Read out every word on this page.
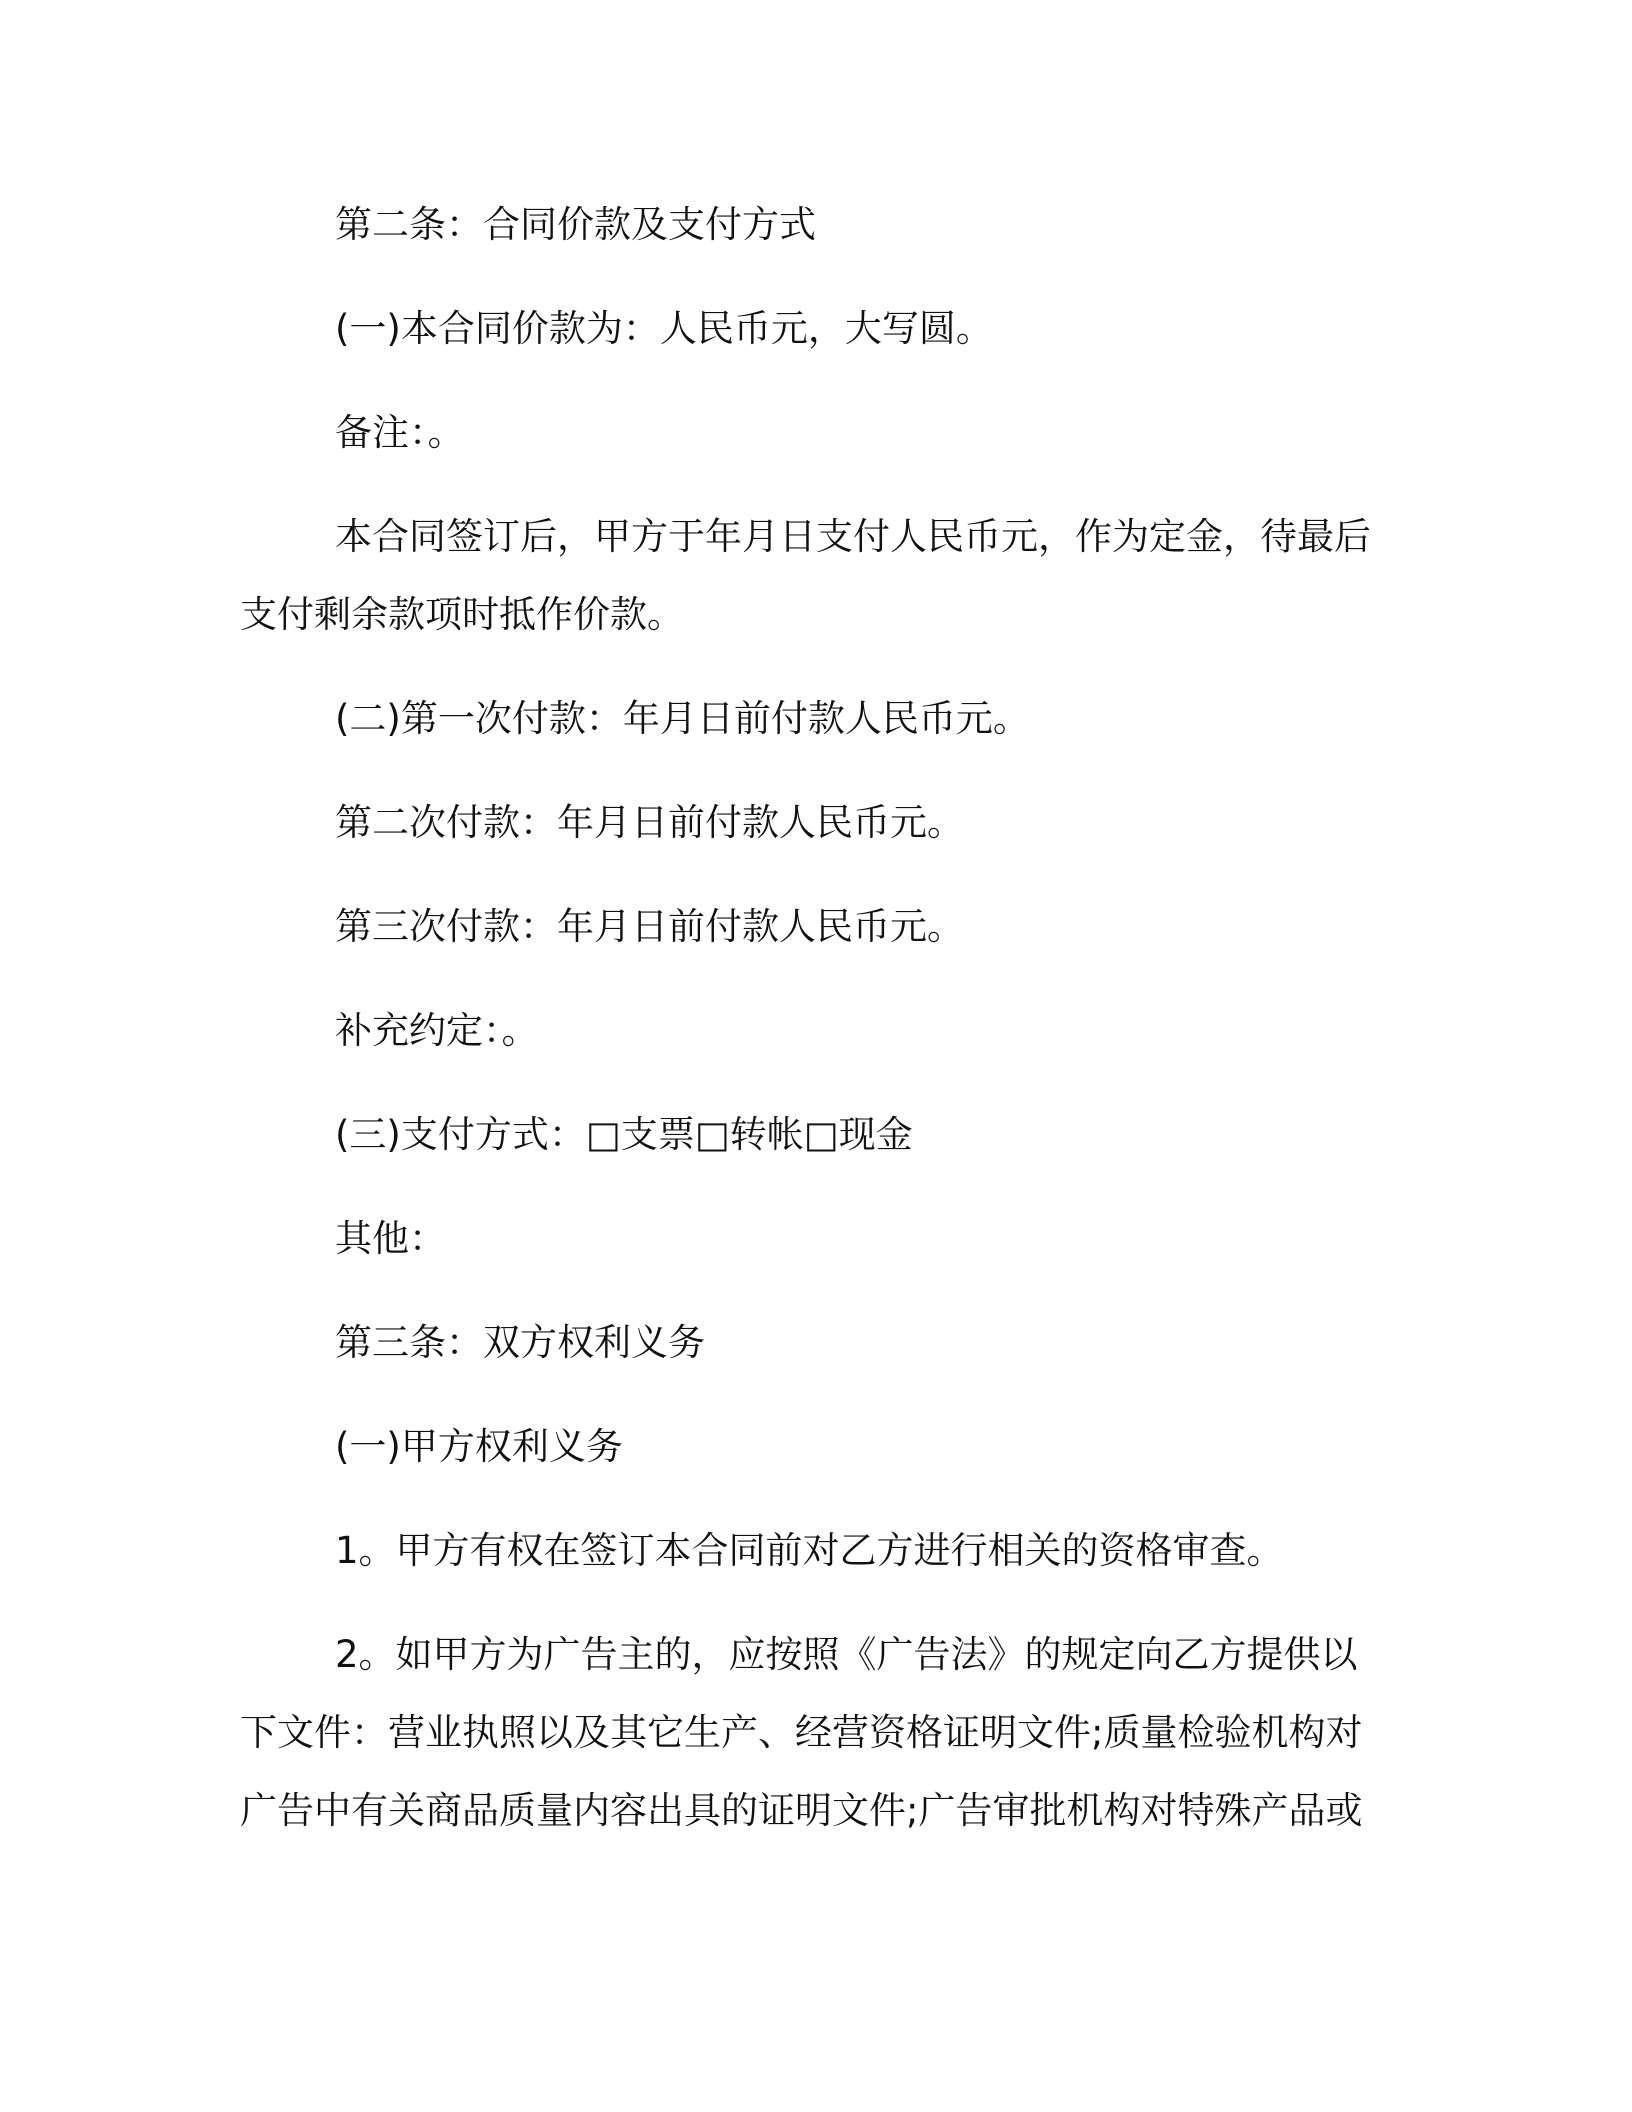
第二条：合同价款及支付方式

(一)本合同价款为：人民币元，大写圆。

备注：。

本合同签订后，甲方于年月日支付人民币元，作为定金，待最后支付剩余款项时抵作价款。

(二)第一次付款：年月日前付款人民币元。

第二次付款：年月日前付款人民币元。

第三次付款：年月日前付款人民币元。

补充约定：。

(三)支付方式：□支票□转帐□现金

其他：

第三条：双方权利义务

(一)甲方权利义务

1。甲方有权在签订本合同前对乙方进行相关的资格审查。

2。如甲方为广告主的，应按照《广告法》的规定向乙方提供以下文件：营业执照以及其它生产、经营资格证明文件;质量检验机构对广告中有关商品质量内容出具的证明文件;广告审批机构对特殊产品或
